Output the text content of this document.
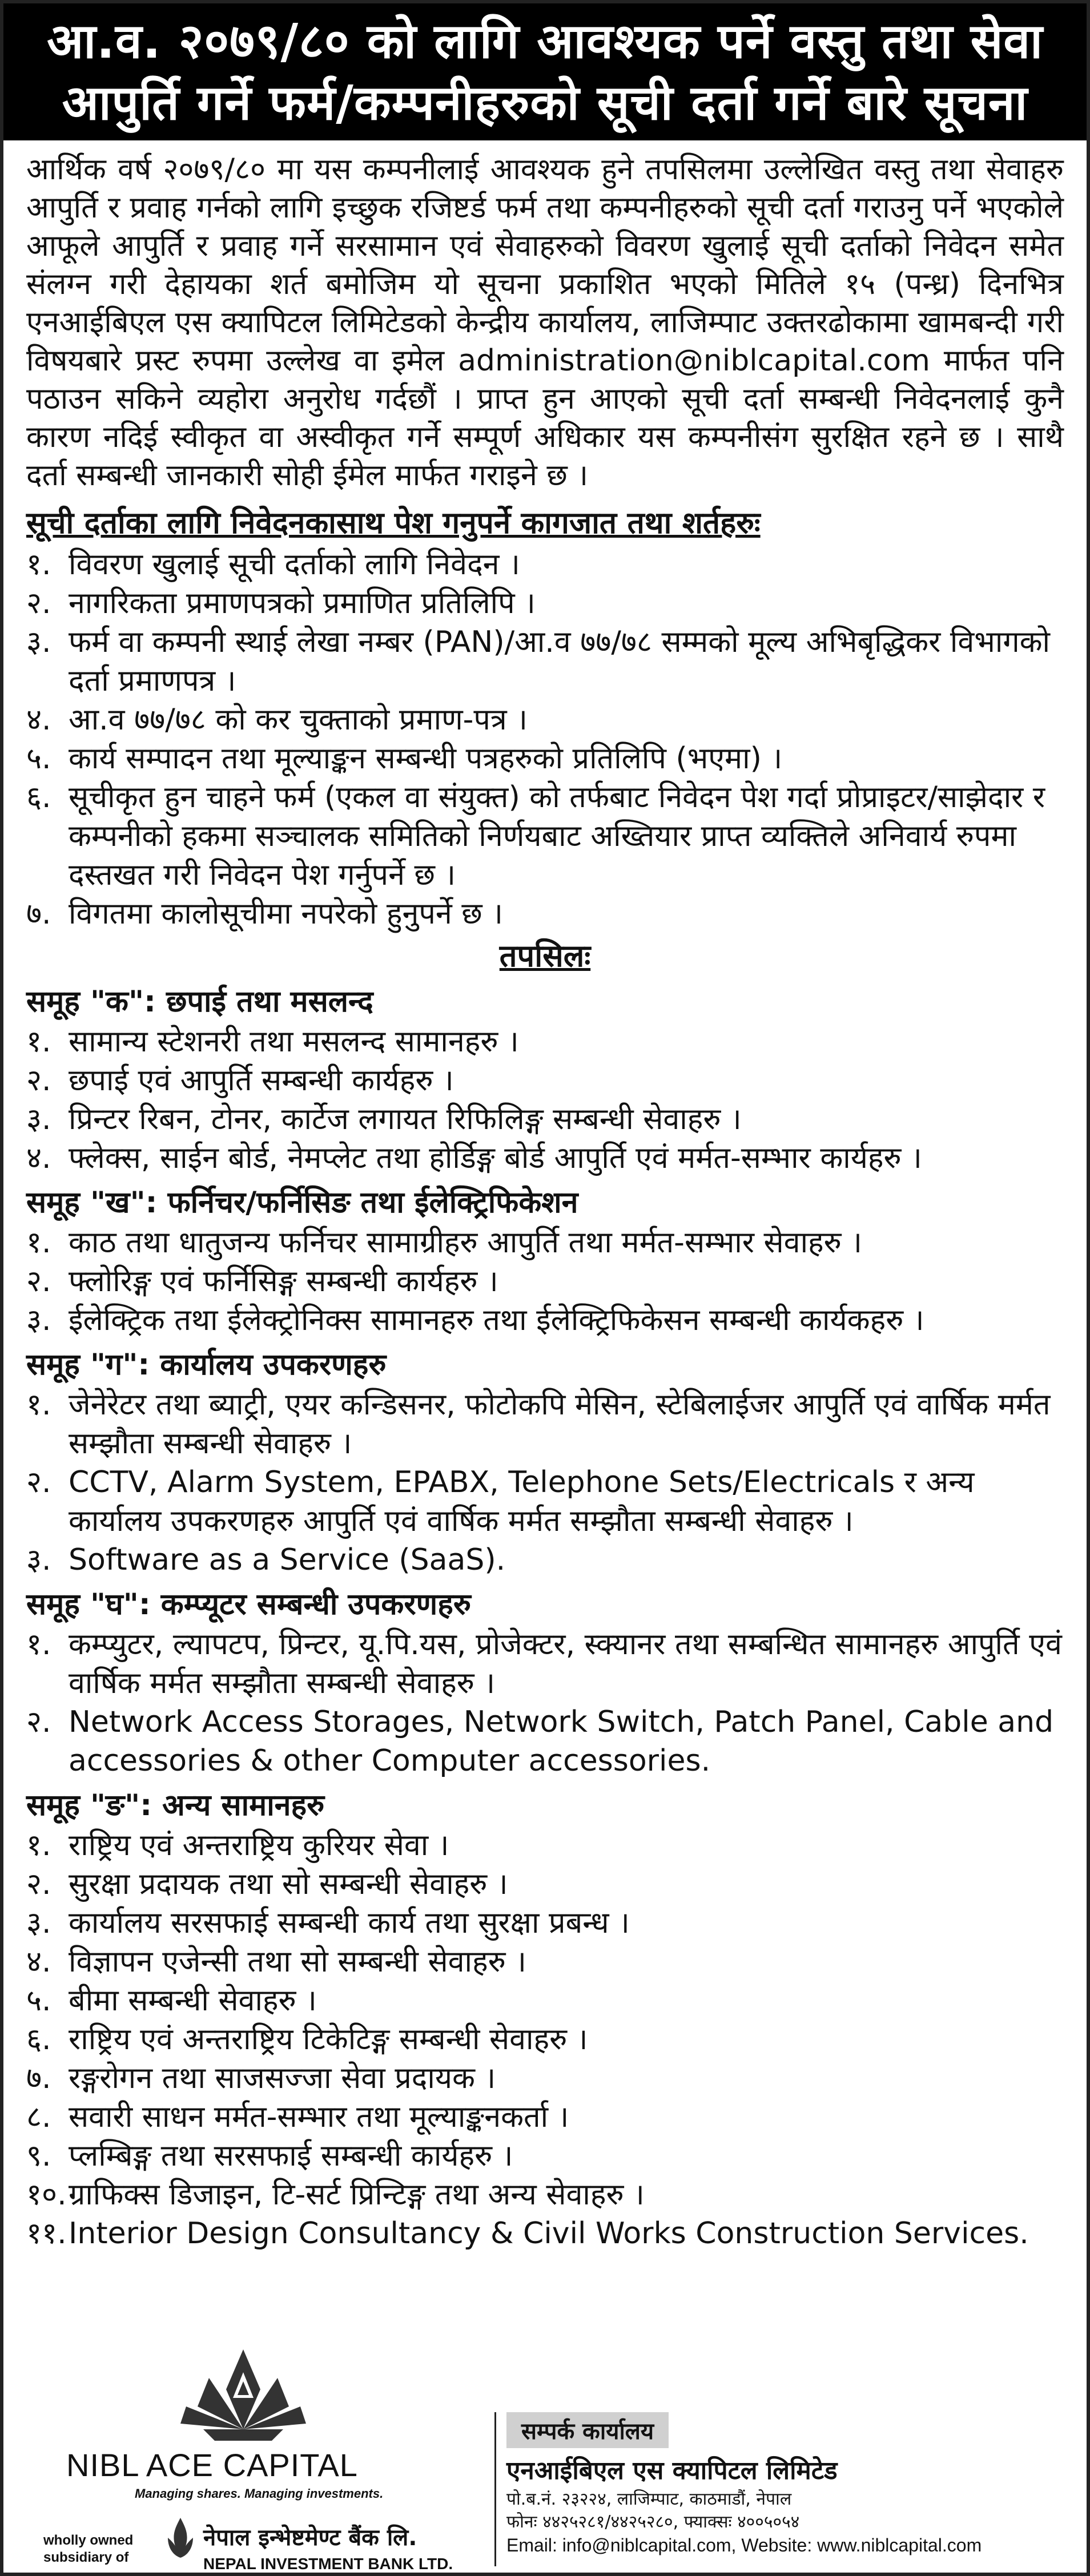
आ.व. २०७९/८० को लागि आवश्यक पर्ने वस्तु तथा सेवा
आपुर्ति गर्ने फर्म/कम्पनीहरुको सूची दर्ता गर्ने बारे सूचना

आर्थिक वर्ष २०७९/८० मा यस कम्पनीलाई आवश्यक हुने तपसिलमा उल्लेखित वस्तु तथा सेवाहरु आपुर्ति र प्रवाह गर्नको लागि इच्छुक रजिष्टर्ड फर्म तथा कम्पनीहरुको सूची दर्ता गराउनु पर्ने भएकोले आफूले आपुर्ति र प्रवाह गर्ने सरसामान एवं सेवाहरुको विवरण खुलाई सूची दर्ताको निवेदन समेत संलग्न गरी देहायका शर्त बमोजिम यो सूचना प्रकाशित भएको मितिले १५ (पन्ध्र) दिनभित्र एनआईबिएल एस क्यापिटल लिमिटेडको केन्द्रीय कार्यालय, लाजिम्पाट उक्तरढोकामा खामबन्दी गरी विषयबारे प्रस्ट रुपमा उल्लेख वा इमेल administration@niblcapital.com मार्फत पनि पठाउन सकिने व्यहोरा अनुरोध गर्दछौं । प्राप्त हुन आएको सूची दर्ता सम्बन्धी निवेदनलाई कुनै कारण नदिई स्वीकृत वा अस्वीकृत गर्ने सम्पूर्ण अधिकार यस कम्पनीसंग सुरक्षित रहने छ । साथै दर्ता सम्बन्धी जानकारी सोही ईमेल मार्फत गराइने छ ।

सूची दर्ताका लागि निवेदनकासाथ पेश गनुपर्ने कागजात तथा शर्तहरुः
१. विवरण खुलाई सूची दर्ताको लागि निवेदन ।
२. नागरिकता प्रमाणपत्रको प्रमाणित प्रतिलिपि ।
३. फर्म वा कम्पनी स्थाई लेखा नम्बर (PAN)/आ.व ७७/७८ सम्मको मूल्य अभिबृद्धिकर विभागको दर्ता प्रमाणपत्र ।
४. आ.व ७७/७८ को कर चुक्ताको प्रमाण-पत्र ।
५. कार्य सम्पादन तथा मूल्याङ्कन सम्बन्धी पत्रहरुको प्रतिलिपि (भएमा) ।
६. सूचीकृत हुन चाहने फर्म (एकल वा संयुक्त) को तर्फबाट निवेदन पेश गर्दा प्रोप्राइटर/साझेदार र कम्पनीको हकमा सञ्चालक समितिको निर्णयबाट अख्तियार प्राप्त व्यक्तिले अनिवार्य रुपमा दस्तखत गरी निवेदन पेश गर्नुपर्ने छ ।
७. विगतमा कालोसूचीमा नपरेको हुनुपर्ने छ ।
तपसिलः
समूह "क": छपाई तथा मसलन्द
१. सामान्य स्टेशनरी तथा मसलन्द सामानहरु ।
२. छपाई एवं आपुर्ति सम्बन्धी कार्यहरु ।
३. प्रिन्टर रिबन, टोनर, कार्टेज लगायत रिफिलिङ्ग सम्बन्धी सेवाहरु ।
४. फ्लेक्स, साईन बोर्ड, नेमप्लेट तथा होर्डिङ्ग बोर्ड आपुर्ति एवं मर्मत-सम्भार कार्यहरु ।
समूह "ख": फर्निचर/फर्निसिङ तथा ईलेक्ट्रिफिकेशन
१. काठ तथा धातुजन्य फर्निचर सामाग्रीहरु आपुर्ति तथा मर्मत-सम्भार सेवाहरु ।
२. फ्लोरिङ्ग एवं फर्निसिङ्ग सम्बन्धी कार्यहरु ।
३. ईलेक्ट्रिक तथा ईलेक्ट्रोनिक्स सामानहरु तथा ईलेक्ट्रिफिकेसन सम्बन्धी कार्यकहरु ।
समूह "ग": कार्यालय उपकरणहरु
१. जेनेरेटर तथा ब्याट्री, एयर कन्डिसनर, फोटोकपि मेसिन, स्टेबिलाईजर आपुर्ति एवं वार्षिक मर्मत सम्झौता सम्बन्धी सेवाहरु ।
२. CCTV, Alarm System, EPABX, Telephone Sets/Electricals र अन्य कार्यालय उपकरणहरु आपुर्ति एवं वार्षिक मर्मत सम्झौता सम्बन्धी सेवाहरु ।
३. Software as a Service (SaaS).
समूह "घ": कम्प्यूटर सम्बन्धी उपकरणहरु
१. कम्प्युटर, ल्यापटप, प्रिन्टर, यू.पि.यस, प्रोजेक्टर, स्क्यानर तथा सम्बन्धित सामानहरु आपुर्ति एवं वार्षिक मर्मत सम्झौता सम्बन्धी सेवाहरु ।
२. Network Access Storages, Network Switch, Patch Panel, Cable and accessories & other Computer accessories.
समूह "ङ": अन्य सामानहरु
१. राष्ट्रिय एवं अन्तराष्ट्रिय कुरियर सेवा ।
२. सुरक्षा प्रदायक तथा सो सम्बन्धी सेवाहरु ।
३. कार्यालय सरसफाई सम्बन्धी कार्य तथा सुरक्षा प्रबन्ध ।
४. विज्ञापन एजेन्सी तथा सो सम्बन्धी सेवाहरु ।
५. बीमा सम्बन्धी सेवाहरु ।
६. राष्ट्रिय एवं अन्तराष्ट्रिय टिकेटिङ्ग सम्बन्धी सेवाहरु ।
७. रङ्गरोगन तथा साजसज्जा सेवा प्रदायक ।
८. सवारी साधन मर्मत-सम्भार तथा मूल्याङ्कनकर्ता ।
९. प्लम्बिङ्ग तथा सरसफाई सम्बन्धी कार्यहरु ।
१०. ग्राफिक्स डिजाइन, टि-सर्ट प्रिन्टिङ्ग तथा अन्य सेवाहरु ।
११. Interior Design Consultancy & Civil Works Construction Services.
NIBL ACE CAPITAL
Managing shares. Managing investments.
wholly owned
subsidiary of
नेपाल इन्भेष्टमेण्ट बैंक लि.
NEPAL INVESTMENT BANK LTD.
सम्पर्क कार्यालय
एनआईबिएल एस क्यापिटल लिमिटेड
पो.ब.नं. २३२२४, लाजिम्पाट, काठमाडौं, नेपाल
फोनः ४४२५२८१/४४२५२८०, फ्याक्सः ४००५०५४
Email: info@niblcapital.com, Website: www.niblcapital.com
